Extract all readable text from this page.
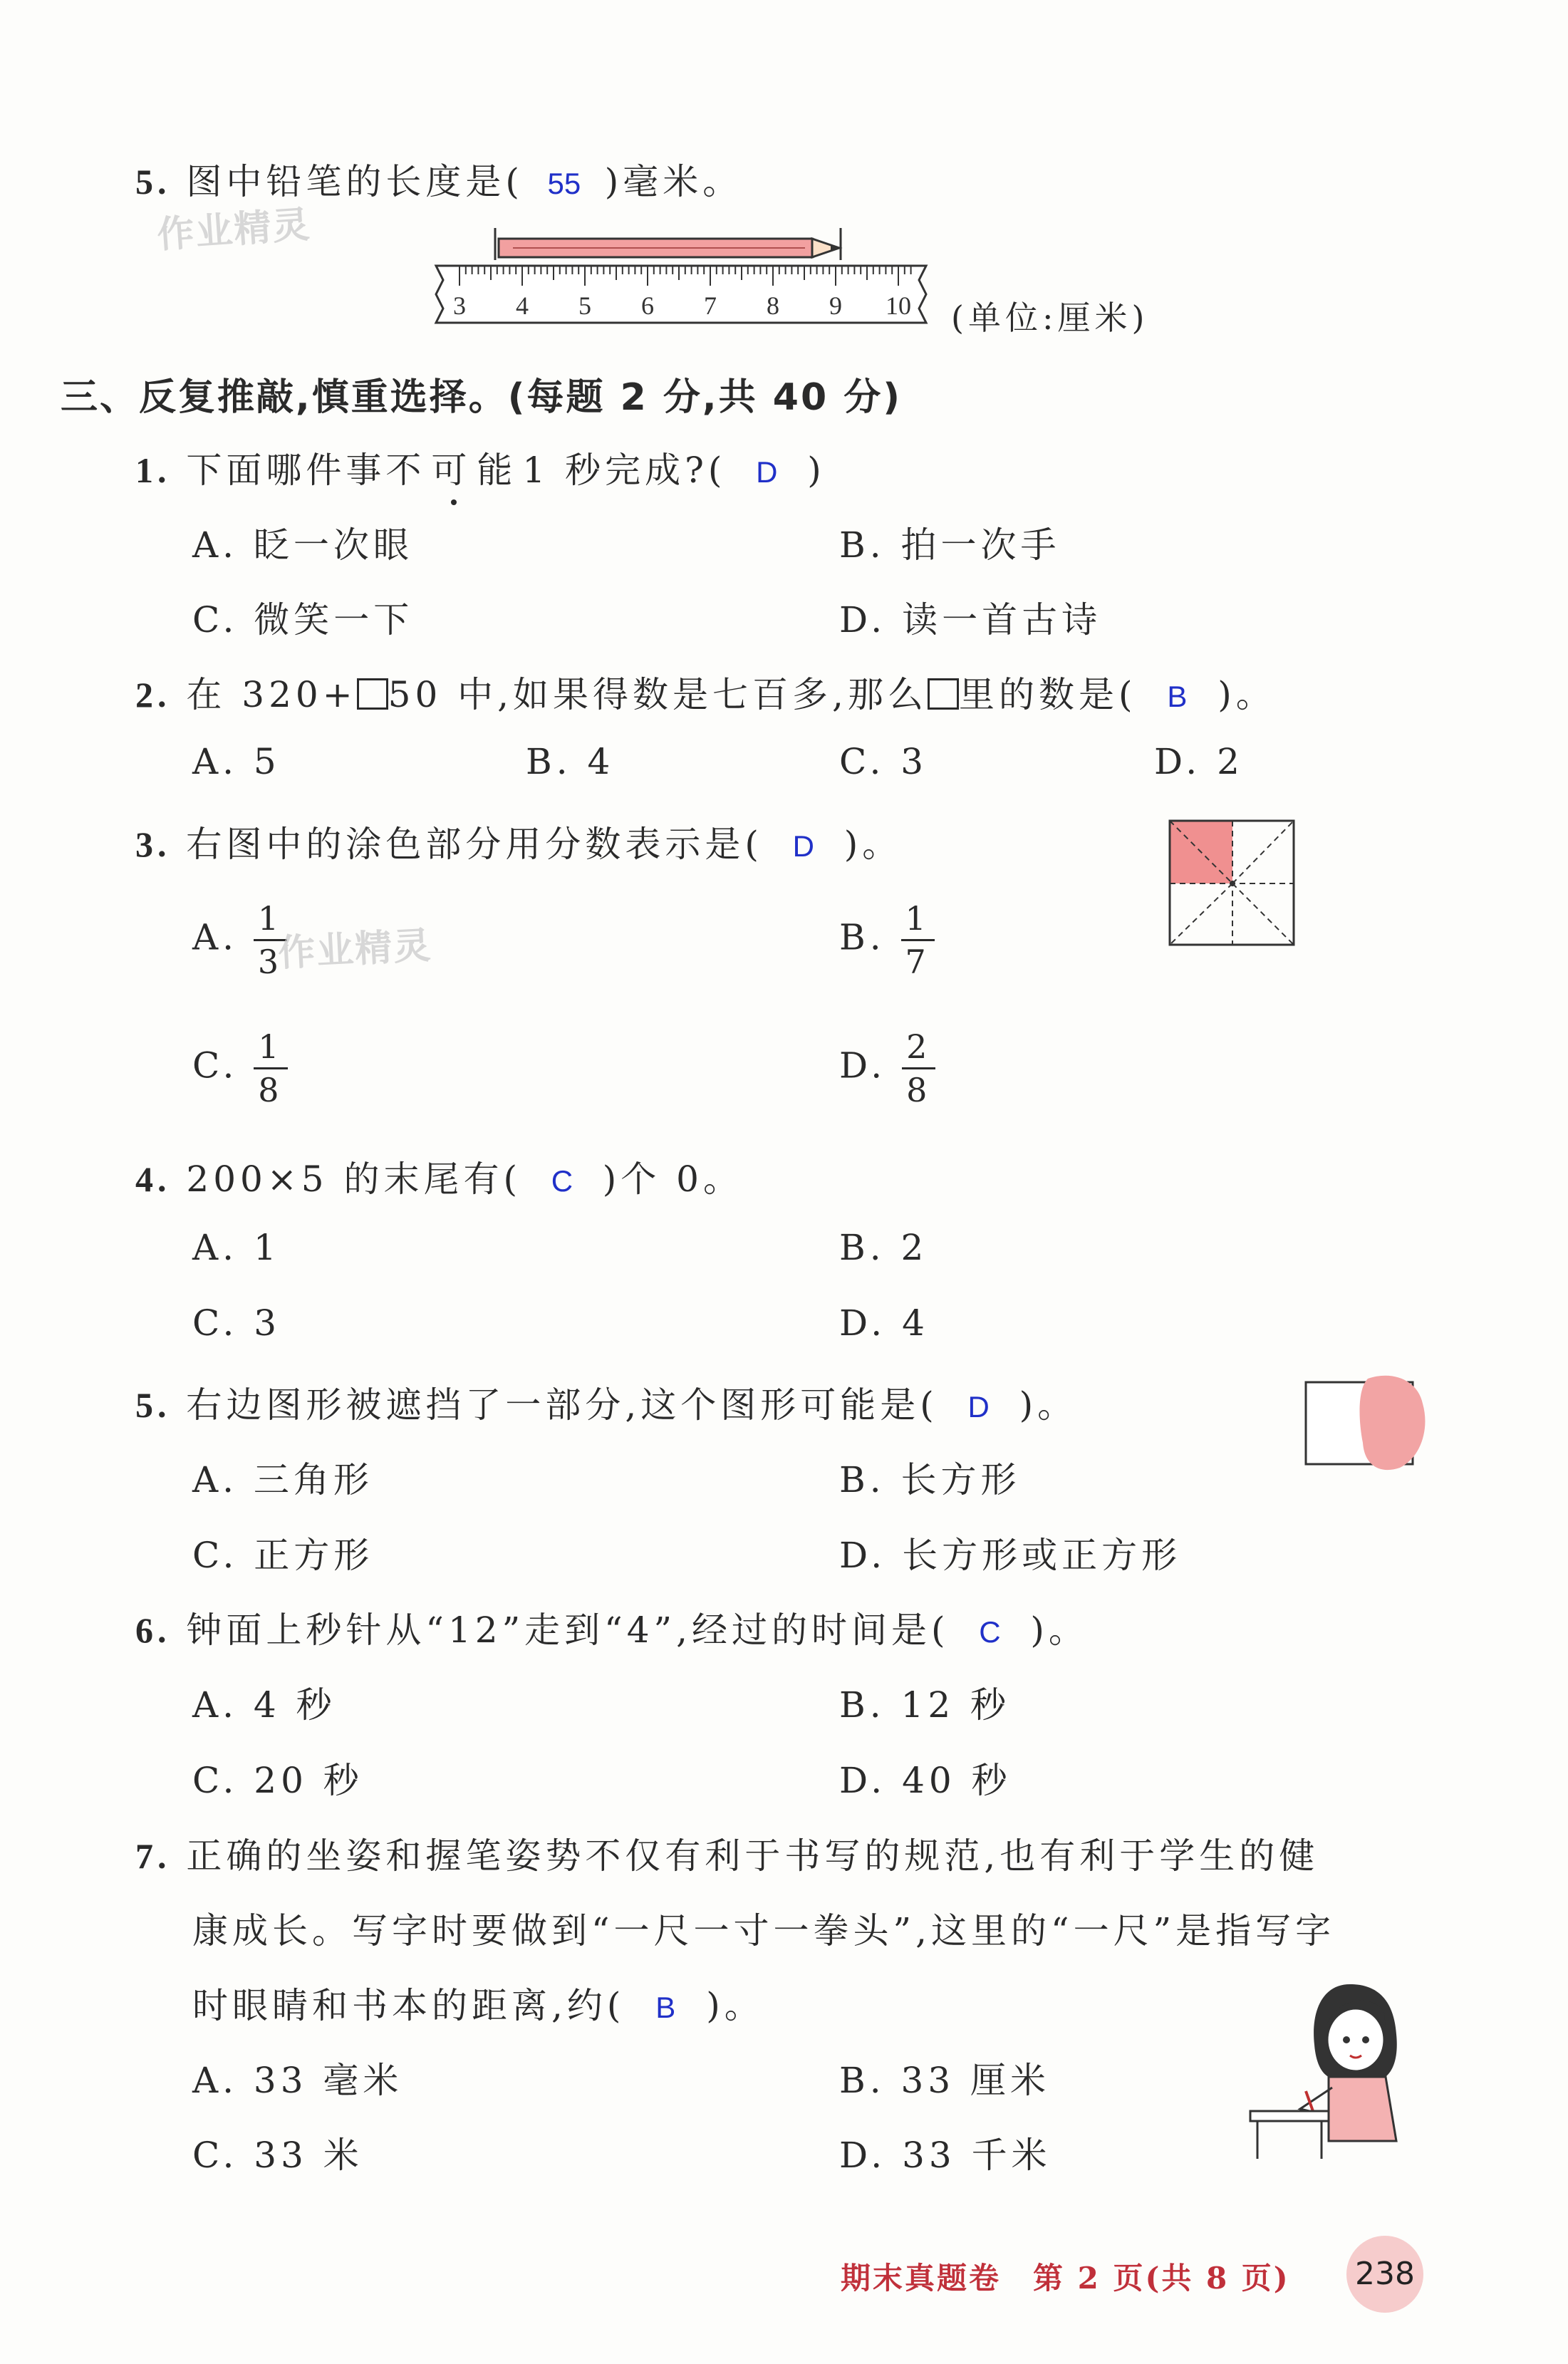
5. 图中铅笔的长度是( 55 )毫米。
作业精灵
3 4 5 6 7 8 9 10 (单位:厘米)
三、反复推敲,慎重选择。(每题 2 分,共 40 分)
1. 下面哪件事不可能1 秒完成?( D )
A. 眨一次眼	B. 拍一次手
C. 微笑一下	D. 读一首古诗
2. 在 320+ 50 中,如果得数是七百多,那么 里的数是( B )。
A. 5	B. 4	C. 3	D. 2
3. 右图中的涂色部分用分数表示是( D )。
A. $\frac{1}{3}$
作业精灵	B. $\frac{1}{7}$
C. $\frac{1}{8}$	D. $\frac{2}{8}$
4. 200×5 的末尾有( C )个 0。
A. 1	B. 2
C. 3	D. 4
5. 右边图形被遮挡了一部分,这个图形可能是( D )。
A. 三角形	B. 长方形
C. 正方形	D. 长方形或正方形
6. 钟面上秒针从“12”走到“4”,经过的时间是( C )。
A. 4 秒	B. 12 秒
C. 20 秒	D. 40 秒
7. 正确的坐姿和握笔姿势不仅有利于书写的规范,也有利于学生的健
康成长。写字时要做到“一尺一寸一拳头”,这里的“一尺”是指写字
时眼睛和书本的距离,约( B )。
A. 33 毫米	B. 33 厘米
C. 33 米	D. 33 千米
期末真题卷　第 2 页(共 8 页) 238
